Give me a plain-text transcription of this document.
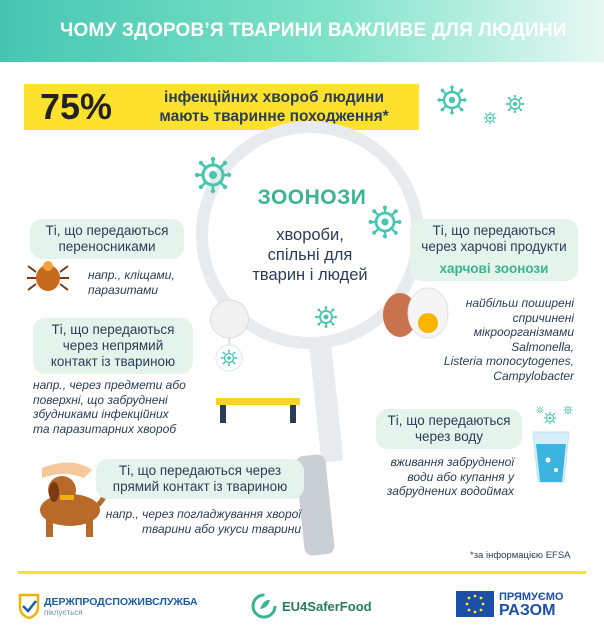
ЧОМУ ЗДОРОВ’Я ТВАРИНИ ВАЖЛИВЕ ДЛЯ ЛЮДИНИ
75%	інфекційних хвороб людини
мають тваринне походження*
ЗООНОЗИ
хвороби,
спільні для
тварин і людей
Ті, що передаються
переносниками
напр., кліщами,
паразитами
Ті, що передаються
через непрямий
контакт із твариною
напр., через предмети або
поверхні, що забруднені
збудниками інфекційних
та паразитарних хвороб
Ті, що передаються через
прямий контакт із твариною
напр., через погладжування хворої
тварини або укуси тварини
Ті, що передаються
через харчові продукти
харчові зоонози
найбільш поширені
спричинені
мікроорганізмами
Salmonella,
Listeria monocytogenes,
Campylobacter
Ті, що передаються
через воду
вживання забрудненої
води або купання у
забруднених водоймах
*за інформацією EFSA
ДЕРЖПРОДСПОЖИВСЛУЖБА
піклується	EU4SaferFood
ПРЯМУЄМО
РАЗОМ
